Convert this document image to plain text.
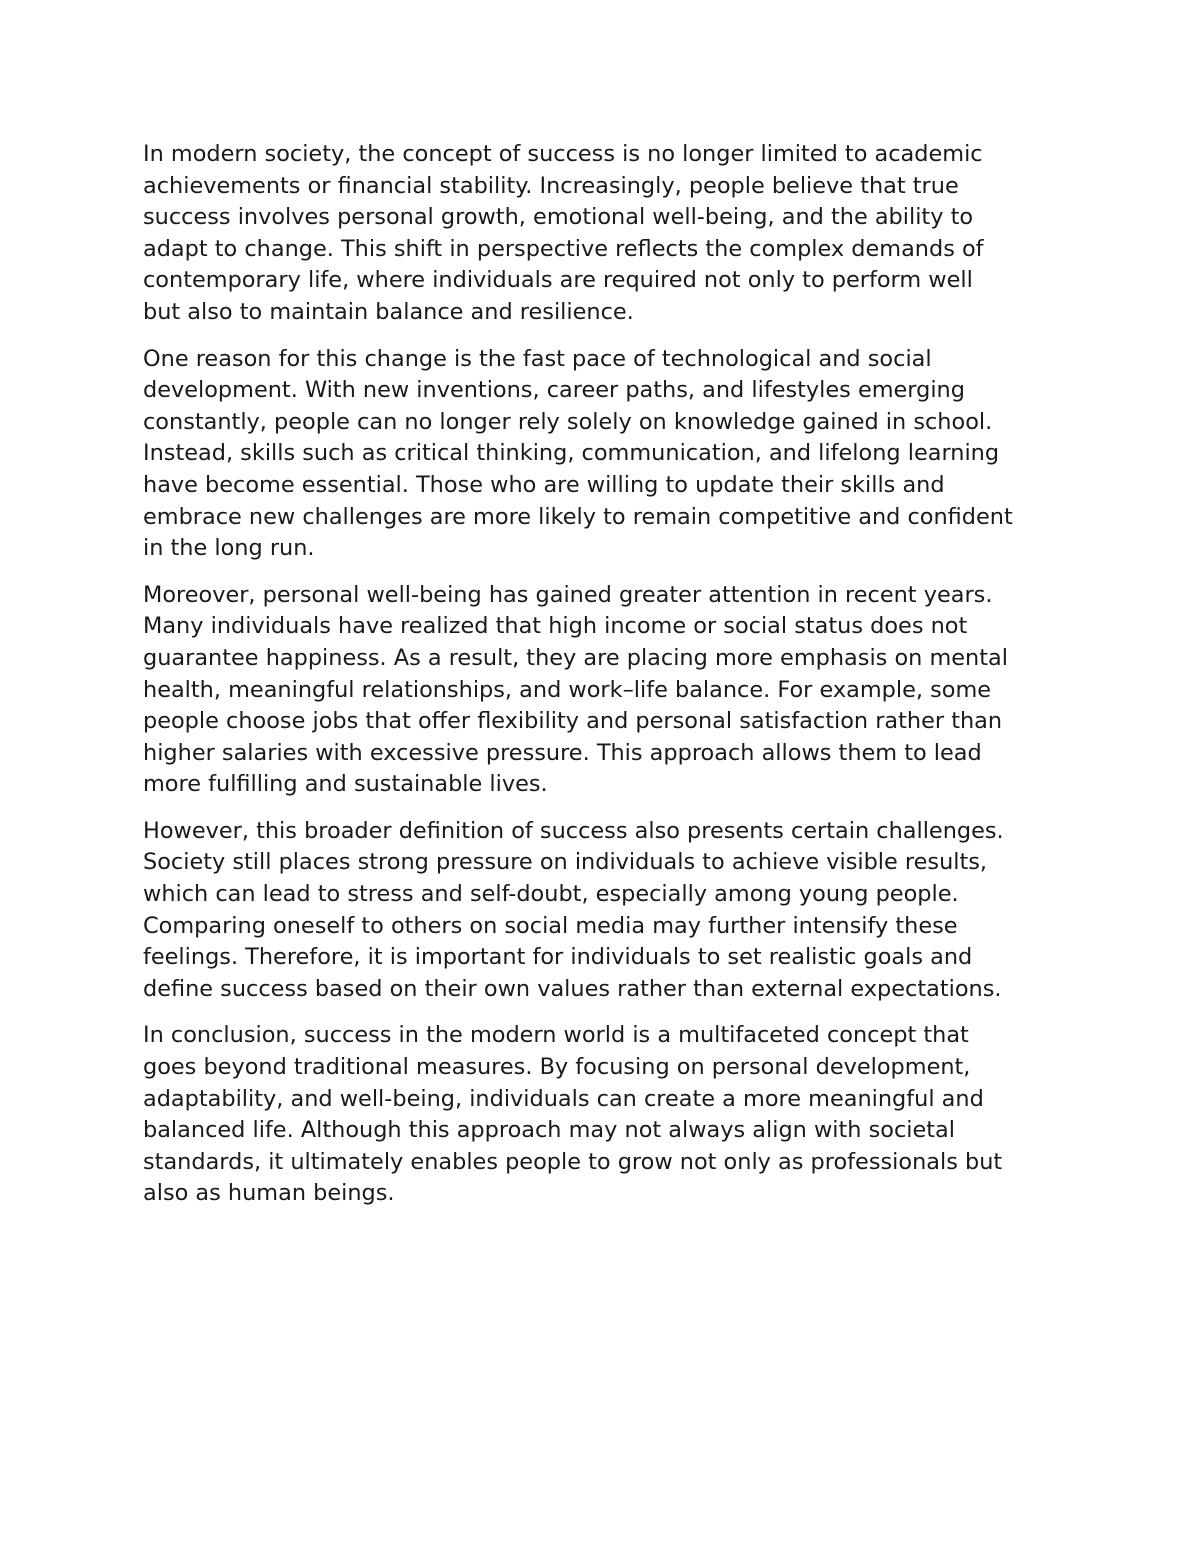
In modern society, the concept of success is no longer limited to academic
achievements or financial stability. Increasingly, people believe that true
success involves personal growth, emotional well-being, and the ability to
adapt to change. This shift in perspective reflects the complex demands of
contemporary life, where individuals are required not only to perform well
but also to maintain balance and resilience.

One reason for this change is the fast pace of technological and social
development. With new inventions, career paths, and lifestyles emerging
constantly, people can no longer rely solely on knowledge gained in school.
Instead, skills such as critical thinking, communication, and lifelong learning
have become essential. Those who are willing to update their skills and
embrace new challenges are more likely to remain competitive and confident
in the long run.

Moreover, personal well-being has gained greater attention in recent years.
Many individuals have realized that high income or social status does not
guarantee happiness. As a result, they are placing more emphasis on mental
health, meaningful relationships, and work–life balance. For example, some
people choose jobs that offer flexibility and personal satisfaction rather than
higher salaries with excessive pressure. This approach allows them to lead
more fulfilling and sustainable lives.

However, this broader definition of success also presents certain challenges.
Society still places strong pressure on individuals to achieve visible results,
which can lead to stress and self-doubt, especially among young people.
Comparing oneself to others on social media may further intensify these
feelings. Therefore, it is important for individuals to set realistic goals and
define success based on their own values rather than external expectations.

In conclusion, success in the modern world is a multifaceted concept that
goes beyond traditional measures. By focusing on personal development,
adaptability, and well-being, individuals can create a more meaningful and
balanced life. Although this approach may not always align with societal
standards, it ultimately enables people to grow not only as professionals but
also as human beings.
